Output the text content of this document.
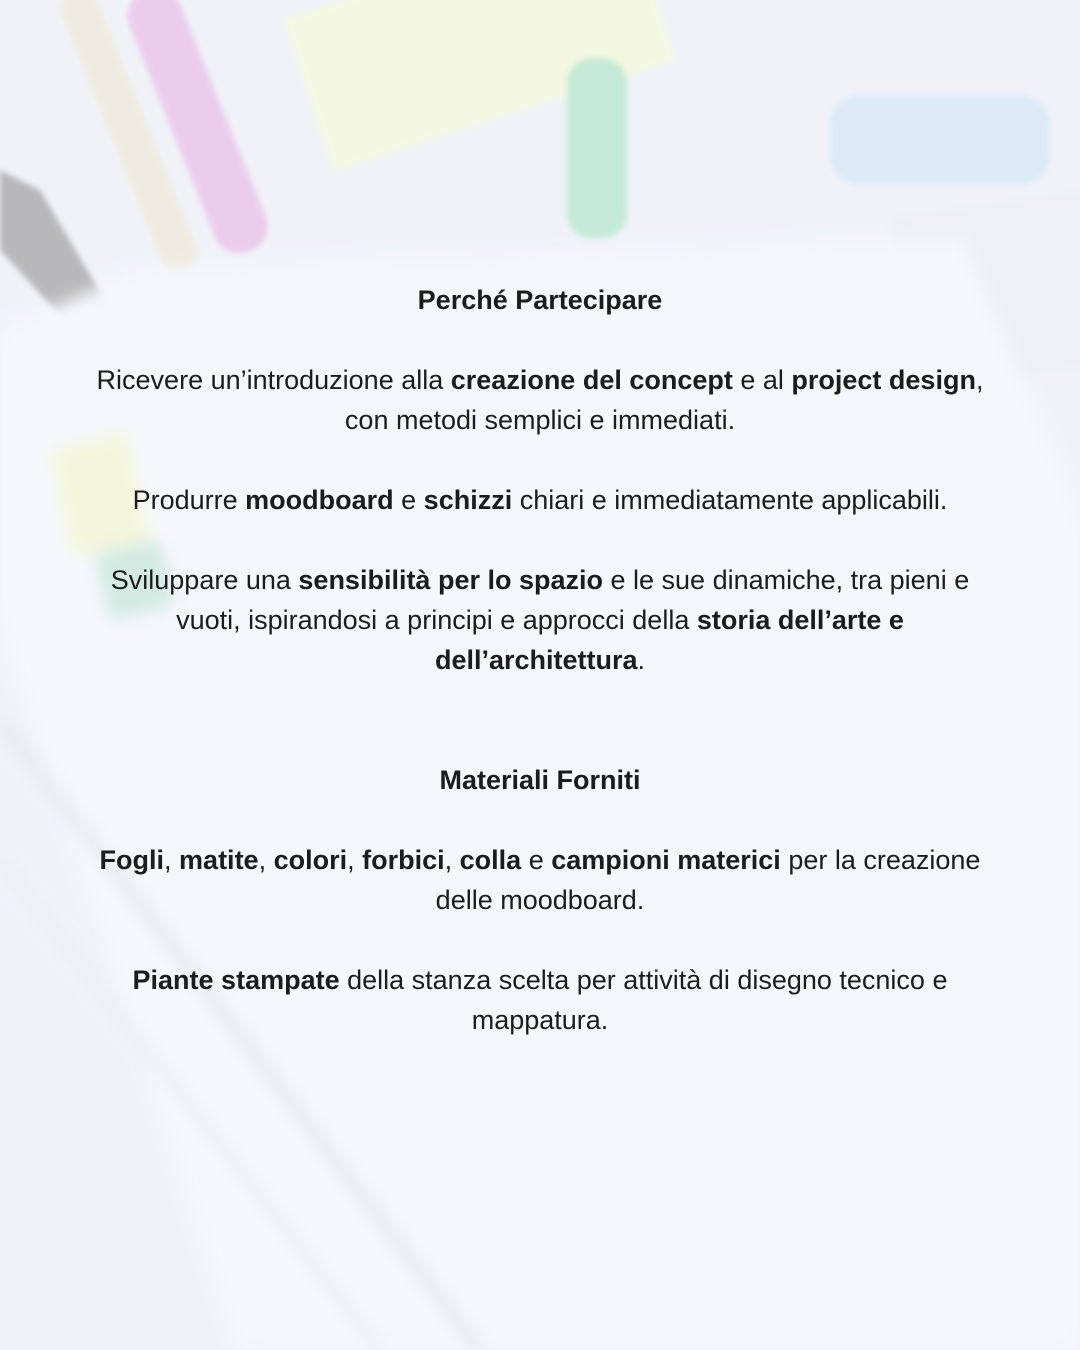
Perché Partecipare

Ricevere un’introduzione alla creazione del concept e al project design, con metodi semplici e immediati.

Produrre moodboard e schizzi chiari e immediatamente applicabili.

Sviluppare una sensibilità per lo spazio e le sue dinamiche, tra pieni e vuoti, ispirandosi a principi e approcci della storia dell’arte e dell’architettura.

Materiali Forniti

Fogli, matite, colori, forbici, colla e campioni materici per la creazione delle moodboard.

Piante stampate della stanza scelta per attività di disegno tecnico e mappatura.
